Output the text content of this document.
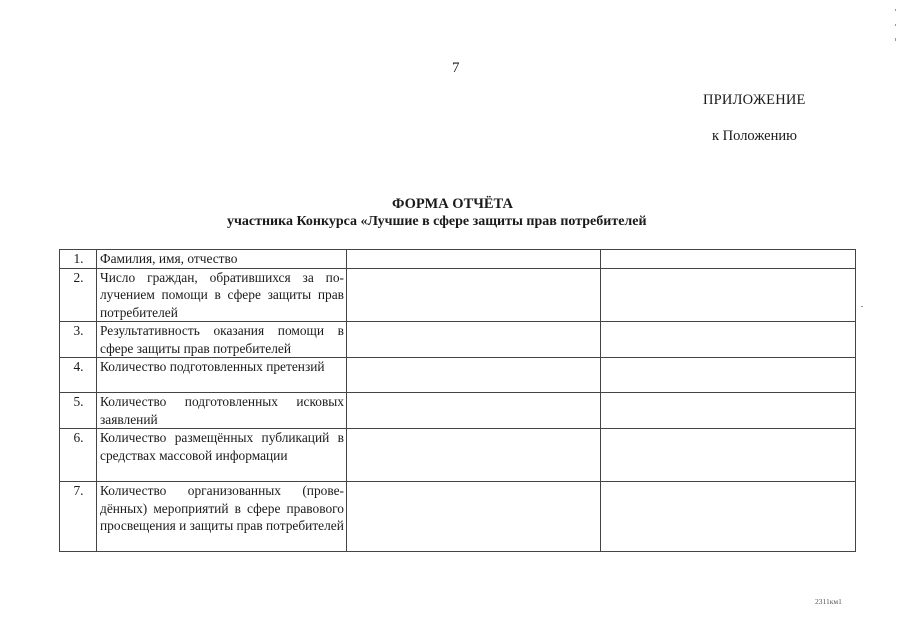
7
ПРИЛОЖЕНИЕ
к Положению
ФОРМА ОТЧЁТА
участника Конкурса «Лучшие в сфере защиты прав потребителей
1.	Фамилия, имя, отчество		
2.	Число граждан, обратившихся за получением помощи в сфере защиты прав потребителей		
3.	Результативность оказания помощи в сфере защиты прав потребителей		
4.	Количество подготовленных претензий		
5.	Количество подготовленных исковых заявлений		
6.	Количество размещённых публикаций в средствах массовой информации		
7.	Количество организованных (проведённых) мероприятий в сфере правового просвещения и защиты прав потребителей		
2311км1
